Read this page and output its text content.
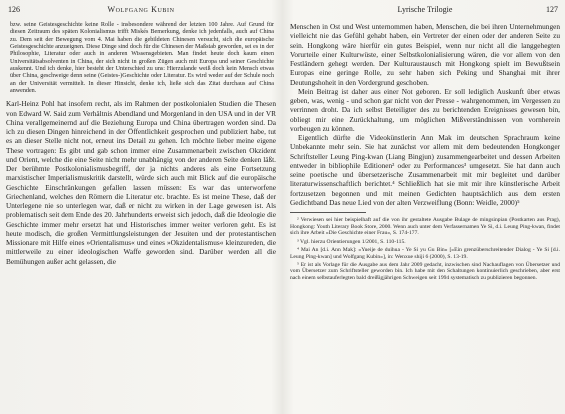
126	Wolfgang Kubin

bzw. seine Geistesgeschichte keine Rolle - insbesondere während der letzten 100 Jahre. Auf Grund für diesen Zeitraum des späten Kolonialismus trifft Miskés Bemerkung, denke ich jedenfalls, auch auf China zu. Dem seit der Bewegung vom 4. Mai haben die gebildeten Chinesen versucht, sich die europäische Geistesgeschichte anzueignen. Diese Dinge sind doch für die Chinesen der Maßstab geworden, sei es in der Philosophie, Literatur oder auch in anderen Wissensgebieten. Man findet heute doch kaum einen Universitätsabsolventen in China, der sich nicht in großen Zügen auch mit Europa und seiner Geschichte auskennt. Und ich denke, hier besteht der Unterschied zu uns: Hierzulande weiß doch kein Mensch etwas über China, geschweige denn seine (Geistes-)Geschichte oder Literatur. Es wird weder auf der Schule noch an der Universität vermittelt. In dieser Hinsicht, denke ich, ließe sich das Zitat durchaus auf China anwenden.

Karl-Heinz Pohl hat insofern recht, als im Rahmen der postkolonialen Studien die Thesen von Edward W. Said zum Verhältnis Abendland und Morgenland in den USA und in der VR China verallgemeinernd auf die Beziehung Europa und China übertragen worden sind. Da ich zu diesen Dingen hinreichend in der Öffentlichkeit gesprochen und publiziert habe, tut es an dieser Stelle nicht not, erneut ins Detail zu gehen. Ich möchte lieber meine eigene These vortragen: Es gibt und gab schon immer eine Zusammenarbeit zwischen Okzident und Orient, welche die eine Seite nicht mehr unabhängig von der anderen Seite denken läßt. Der berühmte Postkolonialismusbegriff, der ja nichts anderes als eine Fortsetzung marxistischer Imperialismuskritik darstellt, würde sich auch mit Blick auf die europäische Geschichte Einschränkungen gefallen lassen müssen: Es war das unterworfene Griechenland, welches den Römern die Literatur etc. brachte. Es ist meine These, daß der Unterlegene nie so unterlegen war, daß er nicht zu wirken in der Lage gewesen ist. Als problematisch seit dem Ende des 20. Jahrhunderts erweist sich jedoch, daß die Ideologie die Geschichte immer mehr ersetzt hat und Historisches immer weiter verloren geht. Es ist heute modisch, die großen Vermittlungsleistungen der Jesuiten und der protestantischen Missionare mit Hilfe eines »Orientalismus« und eines »Okzidentalismus« kleinzureden, die mittlerweile zu einer ideologischen Waffe geworden sind. Darüber werden all die Bemühungen außer acht gelassen, die

Lyrische Trilogie	127

Menschen in Ost und West unternommen haben, Menschen, die bei ihren Unternehmungen vielleicht nie das Gefühl gehabt haben, ein Vertreter der einen oder der anderen Seite zu sein. Hongkong wäre hierfür ein gutes Beispiel, wenn nur nicht all die langgehegten Vorurteile einer Kulturwüste, einer Selbstkolonialisierung wären, die vor allem von den Festländern gehegt werden. Der Kulturaustausch mit Hongkong spielt im Bewußtsein Europas eine geringe Rolle, zu sehr haben sich Peking und Shanghai mit ihrer Deutungshoheit in den Vordergrund geschoben.

Mein Beitrag ist daher aus einer Not geboren. Er soll lediglich Auskunft über etwas geben, was, wenig - und schon gar nicht von der Presse - wahrgenommen, im Vergessen zu verrinnen droht. Da ich selbst Beteiligter des zu berichtenden Ereignisses gewesen bin, obliegt mir eine Zurückhaltung, um möglichen Mißverständnissen von vornherein vorbeugen zu können.

Eigentlich dürfte die Videokünstlerin Ann Mak im deutschen Sprachraum keine Unbekannte mehr sein. Sie hat zunächst vor allem mit dem bedeutenden Hongkonger Schriftsteller Leung Ping-kwan (Liang Bingjun) zusammengearbeitet und dessen Arbeiten entweder in bibliophile Editionen² oder zu Performances³ umgesetzt. Sie hat dann auch seine poetische und übersetzerische Zusammenarbeit mit mir begleitet und darüber literaturwissenschaftlich berichtet.⁴ Schließlich hat sie mit mir ihre künstlerische Arbeit fortzusetzen begonnen und mit meinen Gedichten hauptsächlich aus dem ersten Gedichtband Das neue Lied von der alten Verzweiflung (Bonn: Weidle, 2000)⁵

² Verwiesen sei hier beispielhaft auf die von ihr gestaltete Ausgabe Bulage de mingsinpian (Postkarten aus Prag), Hongkong: Youth Literary Book Store, 2000. Wenn auch unter dem Verfassernamen Ye Si, d.i. Leung Ping-kwan, findet sich ihre Arbeit »Die Geschichte einer Frau«, S. 174-177.

³ Vgl. hierzu Orientierungen 1/2001, S. 110-115.

⁴ Mai An [d.i. Ann Mak]: »Yueije de duihua - Ye Si yu Gu Bin« [»Ein grenzüberschreitender Dialog - Ye Si [d.i. Leung Ping-kwan] und Wolfgang Kubin«], in: Wenxue shiji 6 (2000), S. 13-19.

⁵ Er ist als Vorlage für die Ausgabe aus dem Jahr 2009 gedacht, inzwischen sind Nachauflagen von Übersetzer und vom Übersetzer zum Schriftsteller geworden bin. Ich habe mit den Schaltungen kontinuierlich geschrieben, aber erst nach einem selbstauferlegten bald dreißigjährigen Schweigen seit 1994 systematisch zu publizieren begonnen.
